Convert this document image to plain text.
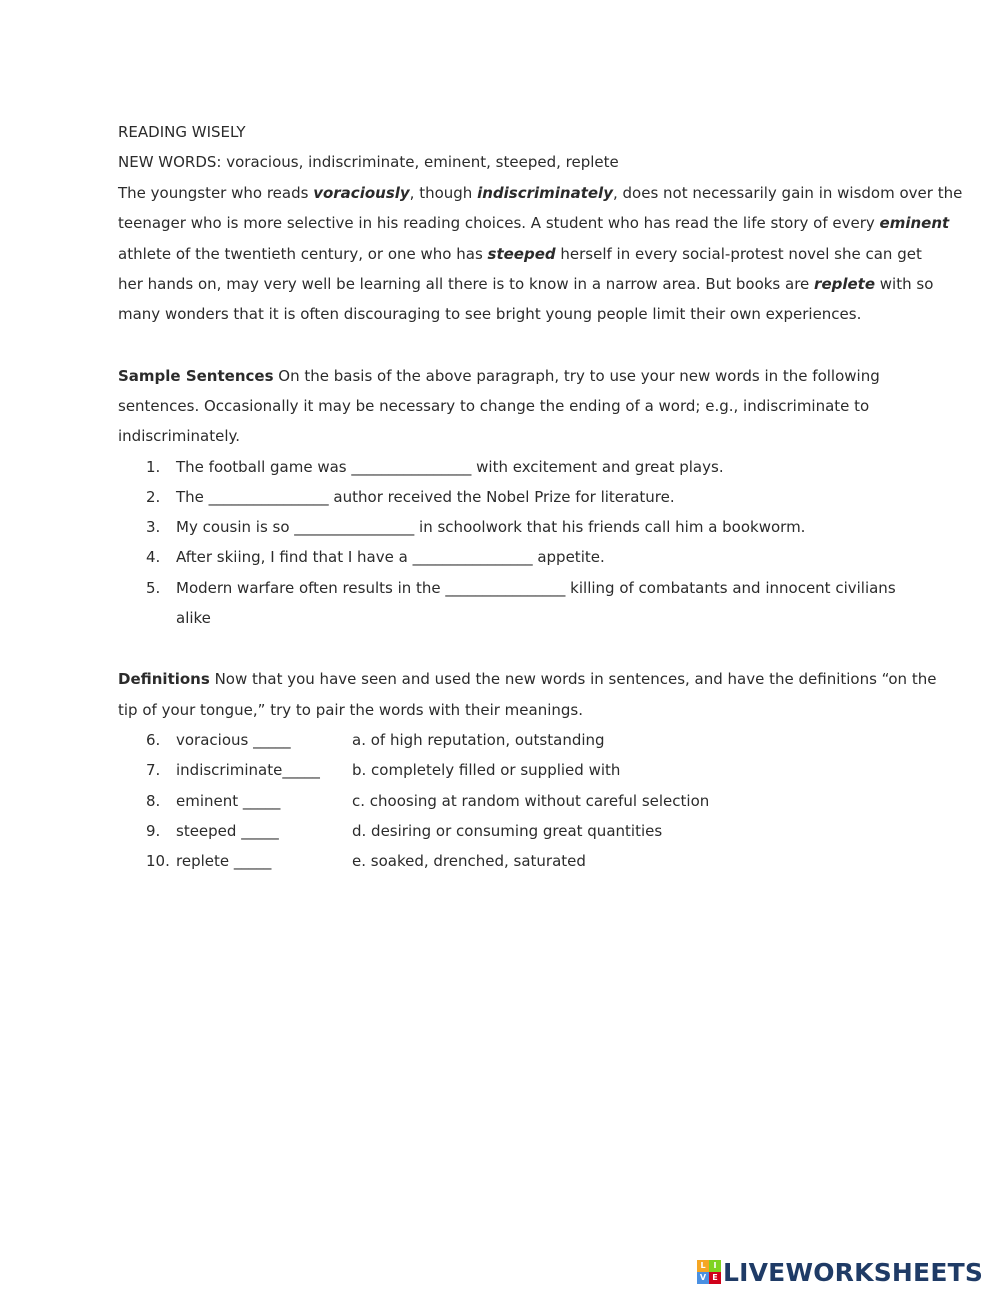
READING WISELY
NEW WORDS: voracious, indiscriminate, eminent, steeped, replete
The youngster who reads voraciously, though indiscriminately, does not necessarily gain in wisdom over the
teenager who is more selective in his reading choices. A student who has read the life story of every eminent
athlete of the twentieth century, or one who has steeped herself in every social-protest novel she can get
her hands on, may very well be learning all there is to know in a narrow area. But books are replete with so
many wonders that it is often discouraging to see bright young people limit their own experiences.
Sample Sentences On the basis of the above paragraph, try to use your new words in the following
sentences. Occasionally it may be necessary to change the ending of a word; e.g., indiscriminate to
indiscriminately.
1.	The football game was ________________ with excitement and great plays.
2.	The ________________ author received the Nobel Prize for literature.
3.	My cousin is so ________________ in schoolwork that his friends call him a bookworm.
4.	After skiing, I find that I have a ________________ appetite.
5.	Modern warfare often results in the ________________ killing of combatants and innocent civilians
alike
Definitions Now that you have seen and used the new words in sentences, and have the definitions “on the
tip of your tongue,” try to pair the words with their meanings.
6.	voracious _____	a. of high reputation, outstanding
7.	indiscriminate_____ b. completely filled or supplied with
8.	eminent _____	c. choosing at random without careful selection
9.	steeped _____	d. desiring or consuming great quantities
10. replete _____	e. soaked, drenched, saturated
L I
V E LIVEWORKSHEETS
